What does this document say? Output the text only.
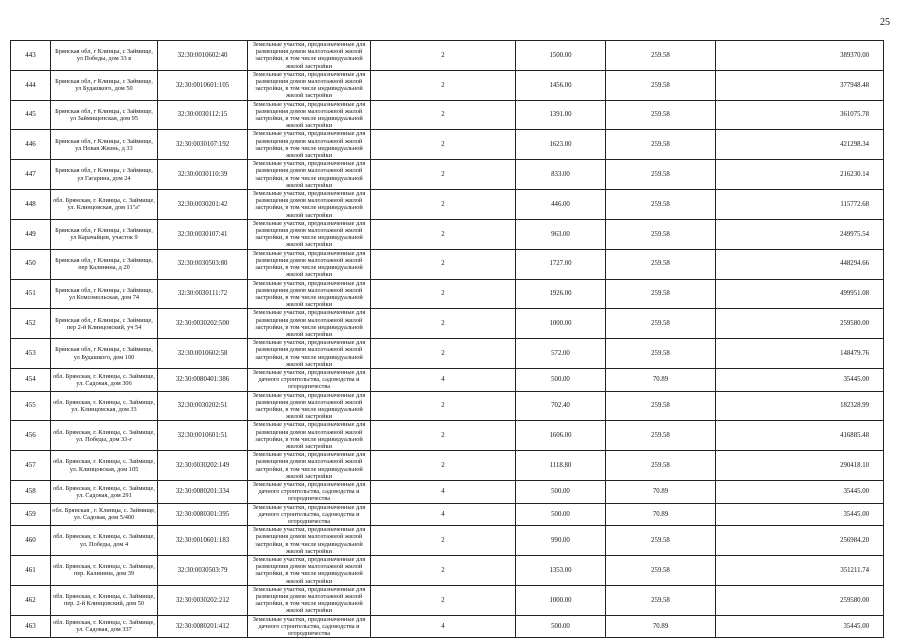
25
443	Брянская обл, г Клинцы, с Займище, ул Победы, дом 33 в	32:30:0010602:40	Земельные участки, предназначенные для размещения домов малоэтажной жилой застройки, в том числе индивидуальной жилой застройки	2	1500.00	259.58	389370.00
444	Брянская обл, г Клинцы, с Займище, ул Будашкого, дом 50	32:30:0010601:105	Земельные участки, предназначенные для размещения домов малоэтажной жилой застройки, в том числе индивидуальной жилой застройки	2	1456.00	259.58	377948.48
445	Брянская обл, г Клинцы, с Займище, ул Займищенская, дом 95	32:30:0030112:15	Земельные участки, предназначенные для размещения домов малоэтажной жилой застройки, в том числе индивидуальной жилой застройки	2	1391.00	259.58	361075.78
446	Брянская обл, г Клинцы, с Займище, ул Новая Жизнь, д 33	32:30:0030107:192	Земельные участки, предназначенные для размещения домов малоэтажной жилой застройки, в том числе индивидуальной жилой застройки	2	1623.00	259.58	421298.34
447	Брянская обл, г Клинцы, с Займище, ул Гагарина, дом 24	32:30:0030110:39	Земельные участки, предназначенные для размещения домов малоэтажной жилой застройки, в том числе индивидуальной жилой застройки	2	833.00	259.58	216230.14
448	обл. Брянская, г. Клинцы, с. Займище, ул. Клинцовская, дом 11"а"	32:30:0030201:42	Земельные участки, предназначенные для размещения домов малоэтажной жилой застройки, в том числе индивидуальной жилой застройки	2	446.00	259.58	115772.68
449	Брянская обл, г Клинцы, с Займище, ул Карачайцев, участок 9	32:30:0030107:41	Земельные участки, предназначенные для размещения домов малоэтажной жилой застройки, в том числе индивидуальной жилой застройки	2	963.00	259.58	249975.54
450	Брянская обл, г Клинцы, с Займище, пер Калинина, д 20	32:30:0030503:80	Земельные участки, предназначенные для размещения домов малоэтажной жилой застройки, в том числе индивидуальной жилой застройки	2	1727.00	259.58	448294.66
451	Брянская обл, г Клинцы, с Займище, ул Комсомольская, дом 74	32:30:0030111:72	Земельные участки, предназначенные для размещения домов малоэтажной жилой застройки, в том числе индивидуальной жилой застройки	2	1926.00	259.58	499951.08
452	Брянская обл, г Клинцы, с Займище, пер 2-й Клинцовский, уч 54	32:30:0030202:500	Земельные участки, предназначенные для размещения домов малоэтажной жилой застройки, в том числе индивидуальной жилой застройки	2	1000.00	259.58	259580.00
453	Брянская обл, г Клинцы, с Займище, ул Будашкого, дом 100	32:30:0010602:58	Земельные участки, предназначенные для размещения домов малоэтажной жилой застройки, в том числе индивидуальной жилой застройки	2	572.00	259.58	148479.76
454	обл. Брянская, г. Клинцы, с. Займище, ул. Садовая, дом 306	32:30:0080401:386	Земельные участки, предназначенные для дачного строительства, садоводства и огородничества	4	500.00	70.89	35445.00
455	обл. Брянская, г. Клинцы, с. Займище, ул. Клинцовская, дом 33	32:30:0030202:51	Земельные участки, предназначенные для размещения домов малоэтажной жилой застройки, в том числе индивидуальной жилой застройки	2	702.40	259.58	182328.99
456	обл. Брянская, г. Клинцы, с. Займище, ул. Победы, дом 33-г	32:30:0010601:51	Земельные участки, предназначенные для размещения домов малоэтажной жилой застройки, в том числе индивидуальной жилой застройки	2	1606.00	259.58	416885.48
457	обл. Брянская, г. Клинцы, с. Займище, ул. Клинцовская, дом 105	32:30:0030202:149	Земельные участки, предназначенные для размещения домов малоэтажной жилой застройки, в том числе индивидуальной жилой застройки	2	1118.80	259.58	290418.10
458	обл. Брянская, г. Клинцы, с. Займище, ул. Садовая, дом 291	32:30:0080201:334	Земельные участки, предназначенные для дачного строительства, садоводства и огородничества	4	500.00	70.89	35445.00
459	обл. Брянская , г. Клинцы, с. Займище, ул. Садовая, дом 5/400	32:30:0080301:395	Земельные участки, предназначенные для дачного строительства, садоводства и огородничества	4	500.00	70.89	35445.00
460	обл. Брянская, г. Клинцы, с. Займище, ул. Победы, дом 4	32:30:0010601:183	Земельные участки, предназначенные для размещения домов малоэтажной жилой застройки, в том числе индивидуальной жилой застройки	2	990.00	259.58	256984.20
461	обл. Брянская, г. Клинцы, с. Займище, пер. Калинина, дом 39	32:30:0030503:79	Земельные участки, предназначенные для размещения домов малоэтажной жилой застройки, в том числе индивидуальной жилой застройки	2	1353.00	259.58	351211.74
462	обл. Брянская, г. Клинцы, с. Займище, пер. 2-й Клинцовский, дом 50	32:30:0030202:212	Земельные участки, предназначенные для размещения домов малоэтажной жилой застройки, в том числе индивидуальной жилой застройки	2	1000.00	259.58	259580.00
463	обл. Брянская, г. Клинцы, с. Займище, ул. Садовая, дом 337	32:30:0080201:412	Земельные участки, предназначенные для дачного строительства, садоводства и огородничества	4	500.00	70.89	35445.00
